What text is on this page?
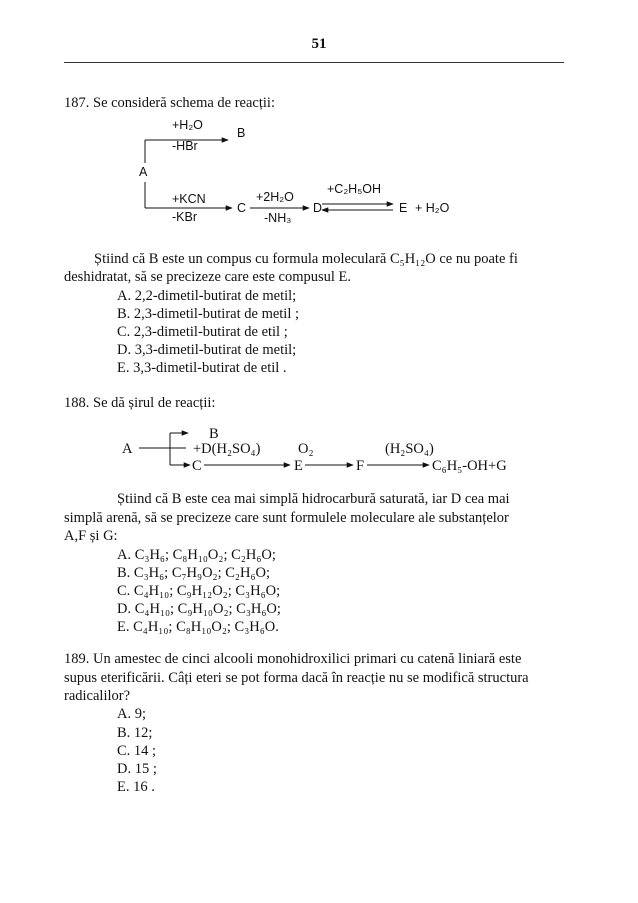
51
187. Se consideră schema de reacții:
+H₂O
B
-HBr
A
+KCN
-KBr
C
+2H₂O
-NH₃
D
+C₂H₅OH
E + H₂O
Știind că B este un compus cu formula moleculară C₅H₁₂O ce nu poate fi
deshidratat, să se precizeze care este compusul E.
A. 2,2-dimetil-butirat de metil;
B. 2,3-dimetil-butirat de metil ;
C. 2,3-dimetil-butirat de etil ;
D. 3,3-dimetil-butirat de metil;
E. 3,3-dimetil-butirat de etil .
188. Se dă șirul de reacții:
B
A	+D(H₂SO₄)	O₂	(H₂SO₄)
C	E	F	C₆H₅-OH+G
Știind că B este cea mai simplă hidrocarbură saturată, iar D cea mai
simplă arenă, să se precizeze care sunt formulele moleculare ale substanțelor
A,F și G:
A. C₃H₆; C₈H₁₀O₂; C₂H₆O;
B. C₃H₆; C₇H₉O₂; C₂H₆O;
C. C₄H₁₀; C₉H₁₂O₂; C₃H₆O;
D. C₄H₁₀; C₉H₁₀O₂; C₃H₆O;
E. C₄H₁₀; C₈H₁₀O₂; C₃H₆O.
189. Un amestec de cinci alcooli monohidroxilici primari cu catenă liniară este
supus eterificării. Câți eteri se pot forma dacă în reacție nu se modifică structura
radicalilor?
A. 9;
B. 12;
C. 14 ;
D. 15 ;
E. 16 .
